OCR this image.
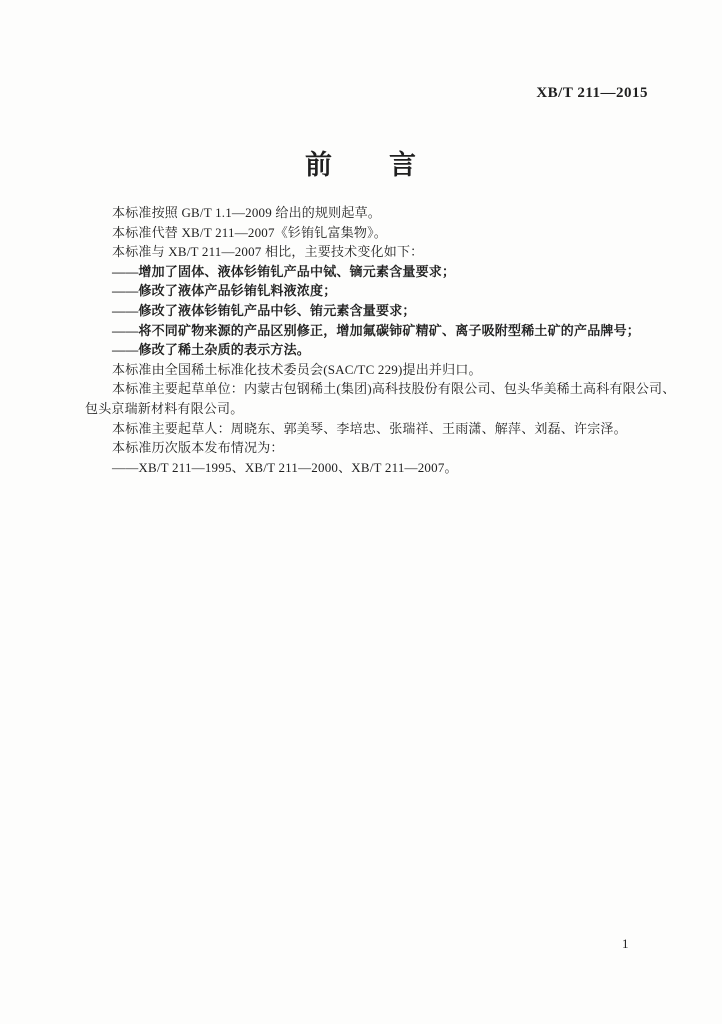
XB/T 211—2015
前　　言
本标准按照 GB/T 1.1—2009 给出的规则起草。
本标准代替 XB/T 211—2007《钐铕钆富集物》。
本标准与 XB/T 211—2007 相比，主要技术变化如下：
——增加了固体、液体钐铕钆产品中铽、镝元素含量要求；
——修改了液体产品钐铕钆料液浓度；
——修改了液体钐铕钆产品中钐、铕元素含量要求；
——将不同矿物来源的产品区别修正，增加氟碳铈矿精矿、离子吸附型稀土矿的产品牌号；
——修改了稀土杂质的表示方法。
本标准由全国稀土标准化技术委员会(SAC/TC 229)提出并归口。
本标准主要起草单位：内蒙古包钢稀土(集团)高科技股份有限公司、包头华美稀土高科有限公司、
包头京瑞新材料有限公司。
本标准主要起草人：周晓东、郭美琴、李培忠、张瑞祥、王雨潇、解萍、刘磊、许宗泽。
本标准历次版本发布情况为：
——XB/T 211—1995、XB/T 211—2000、XB/T 211—2007。
1
